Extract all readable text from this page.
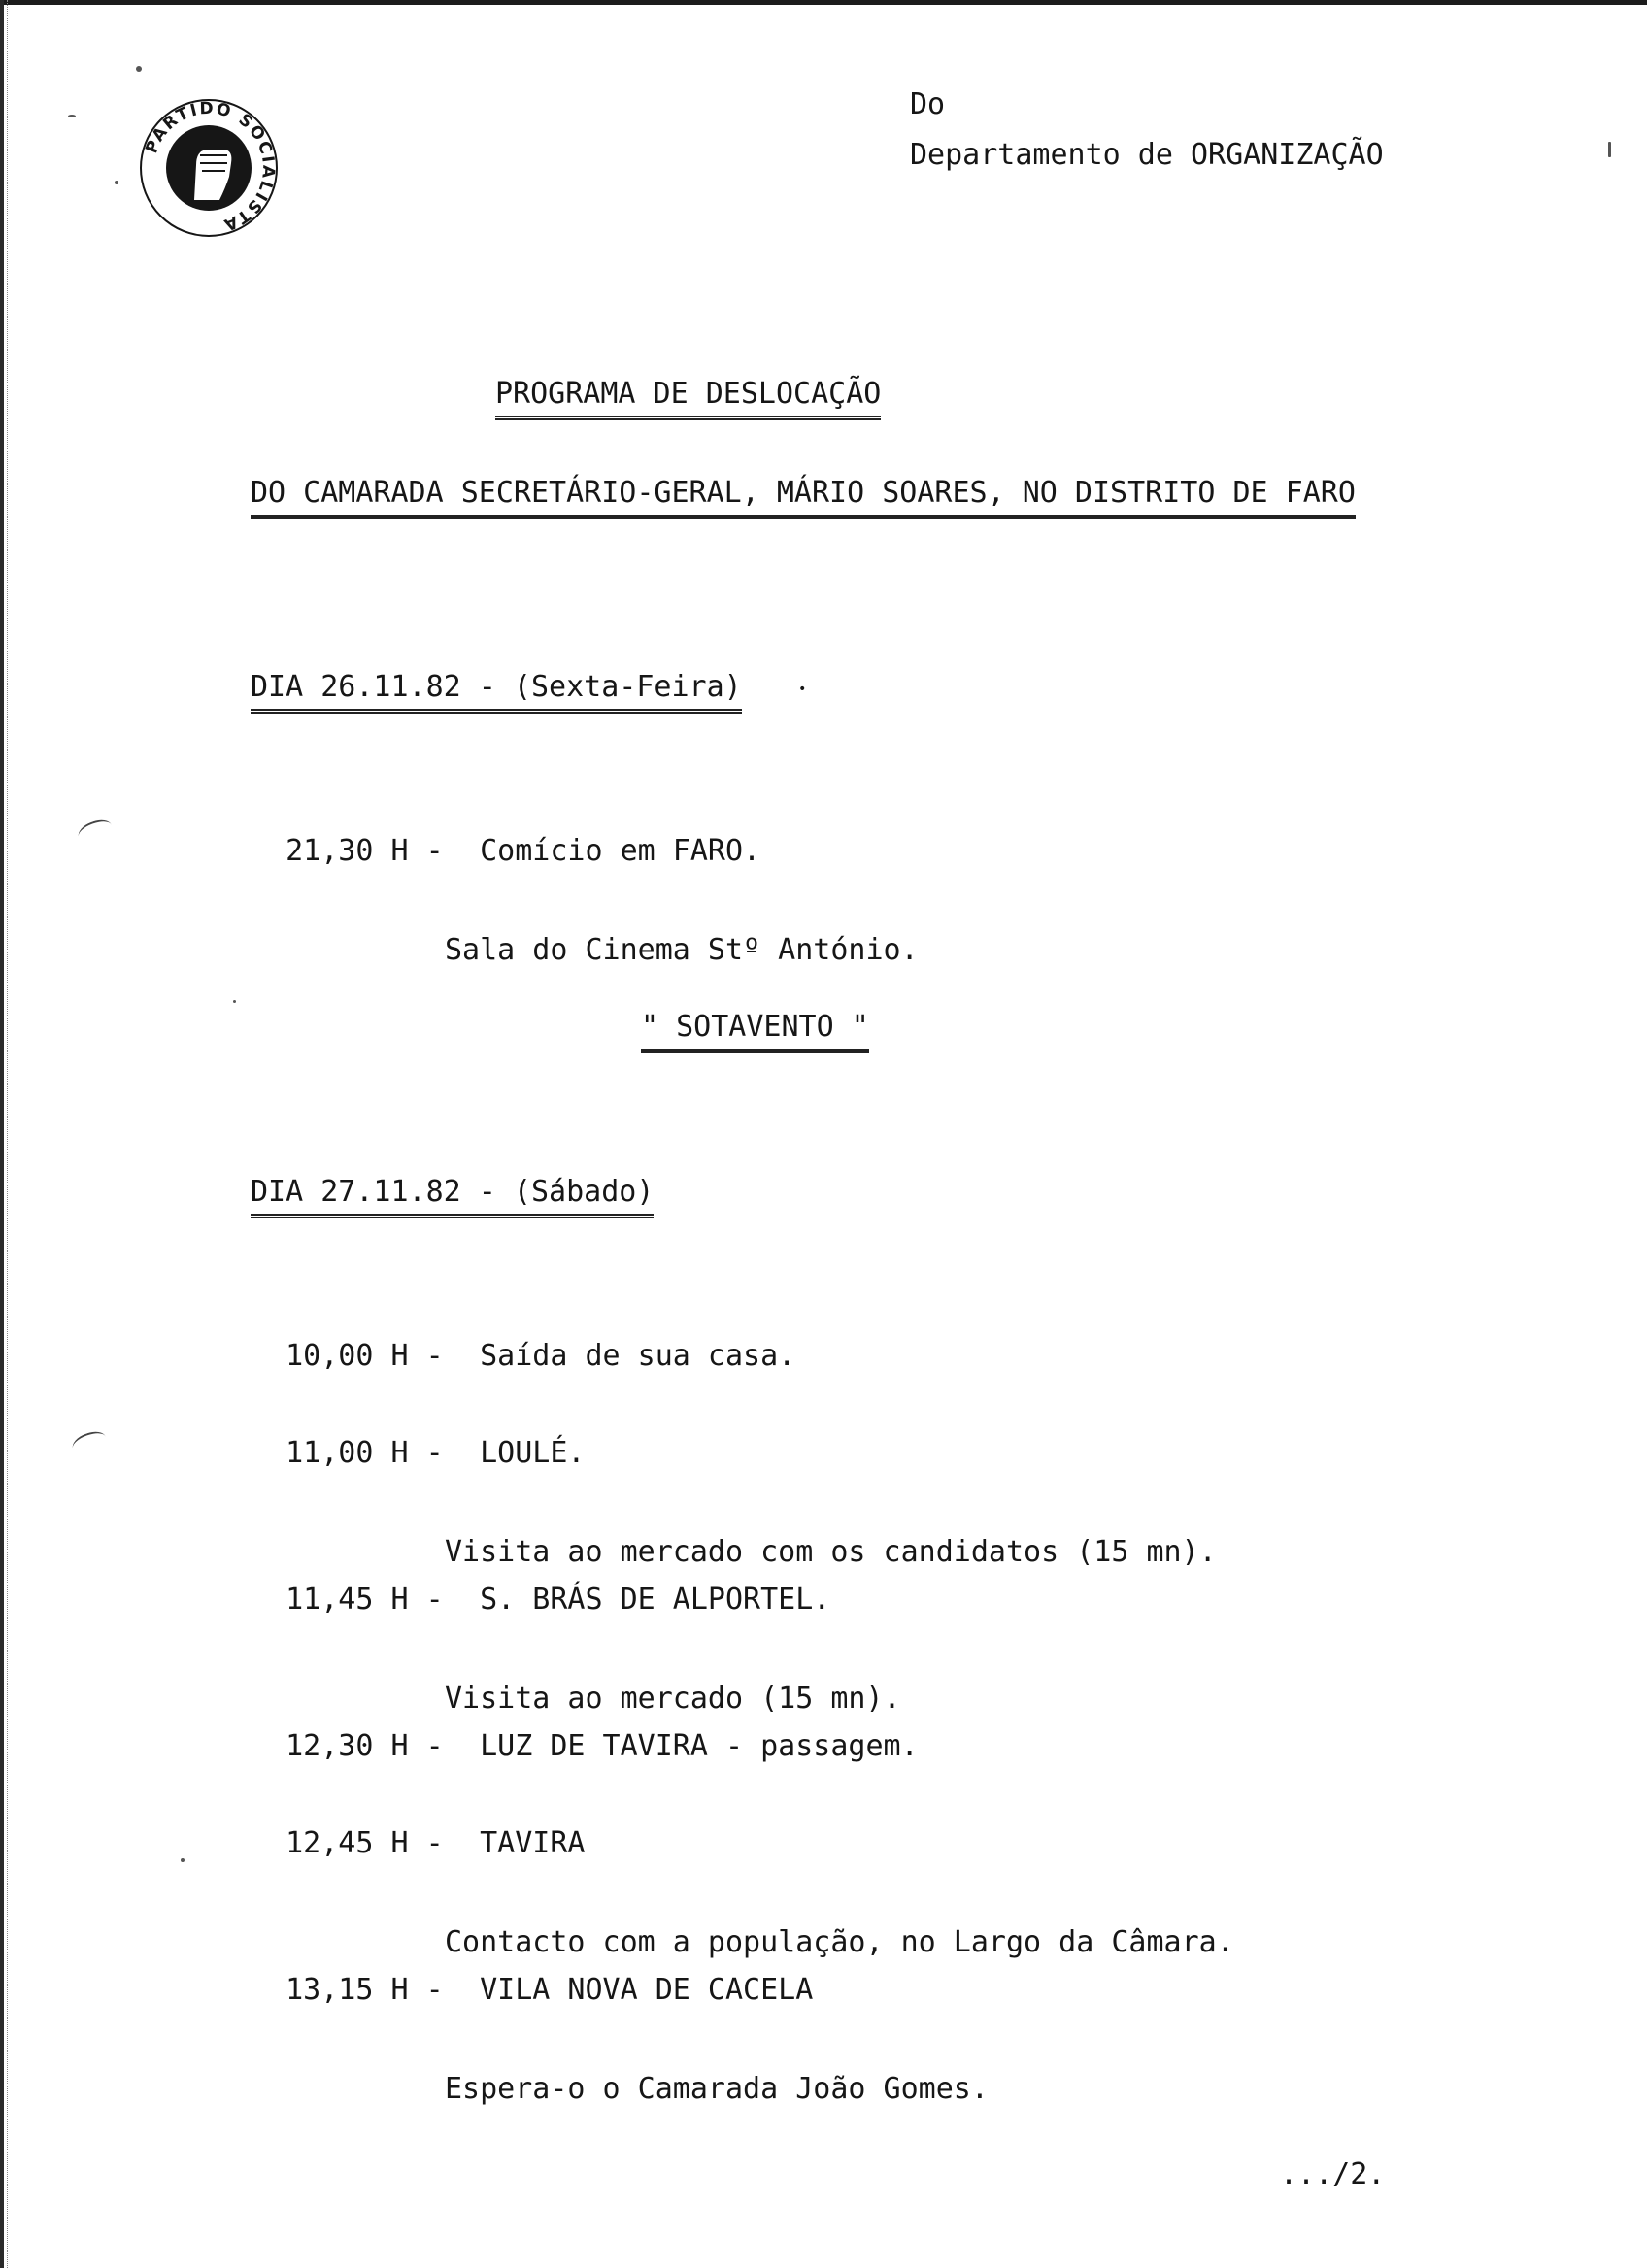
PARTIDO SOCIALISTA
Do
Departamento de ORGANIZAÇÃO
PROGRAMA DE DESLOCAÇÃO
DO CAMARADA SECRETÁRIO-GERAL, MÁRIO SOARES, NO DISTRITO DE FARO
DIA 26.11.82 - (Sexta-Feira)	•

21,30 H - Comício em FARO.

Sala do Cinema Stº António.

" SOTAVENTO "
DIA 27.11.82 - (Sábado)

10,00 H - Saída de sua casa.

11,00 H - LOULÉ.

Visita ao mercado com os candidatos (15 mn).

11,45 H - S. BRÁS DE ALPORTEL.

Visita ao mercado (15 mn).

12,30 H - LUZ DE TAVIRA - passagem.

12,45 H - TAVIRA

Contacto com a população, no Largo da Câmara.

13,15 H - VILA NOVA DE CACELA

Espera-o o Camarada João Gomes.

.../2.
